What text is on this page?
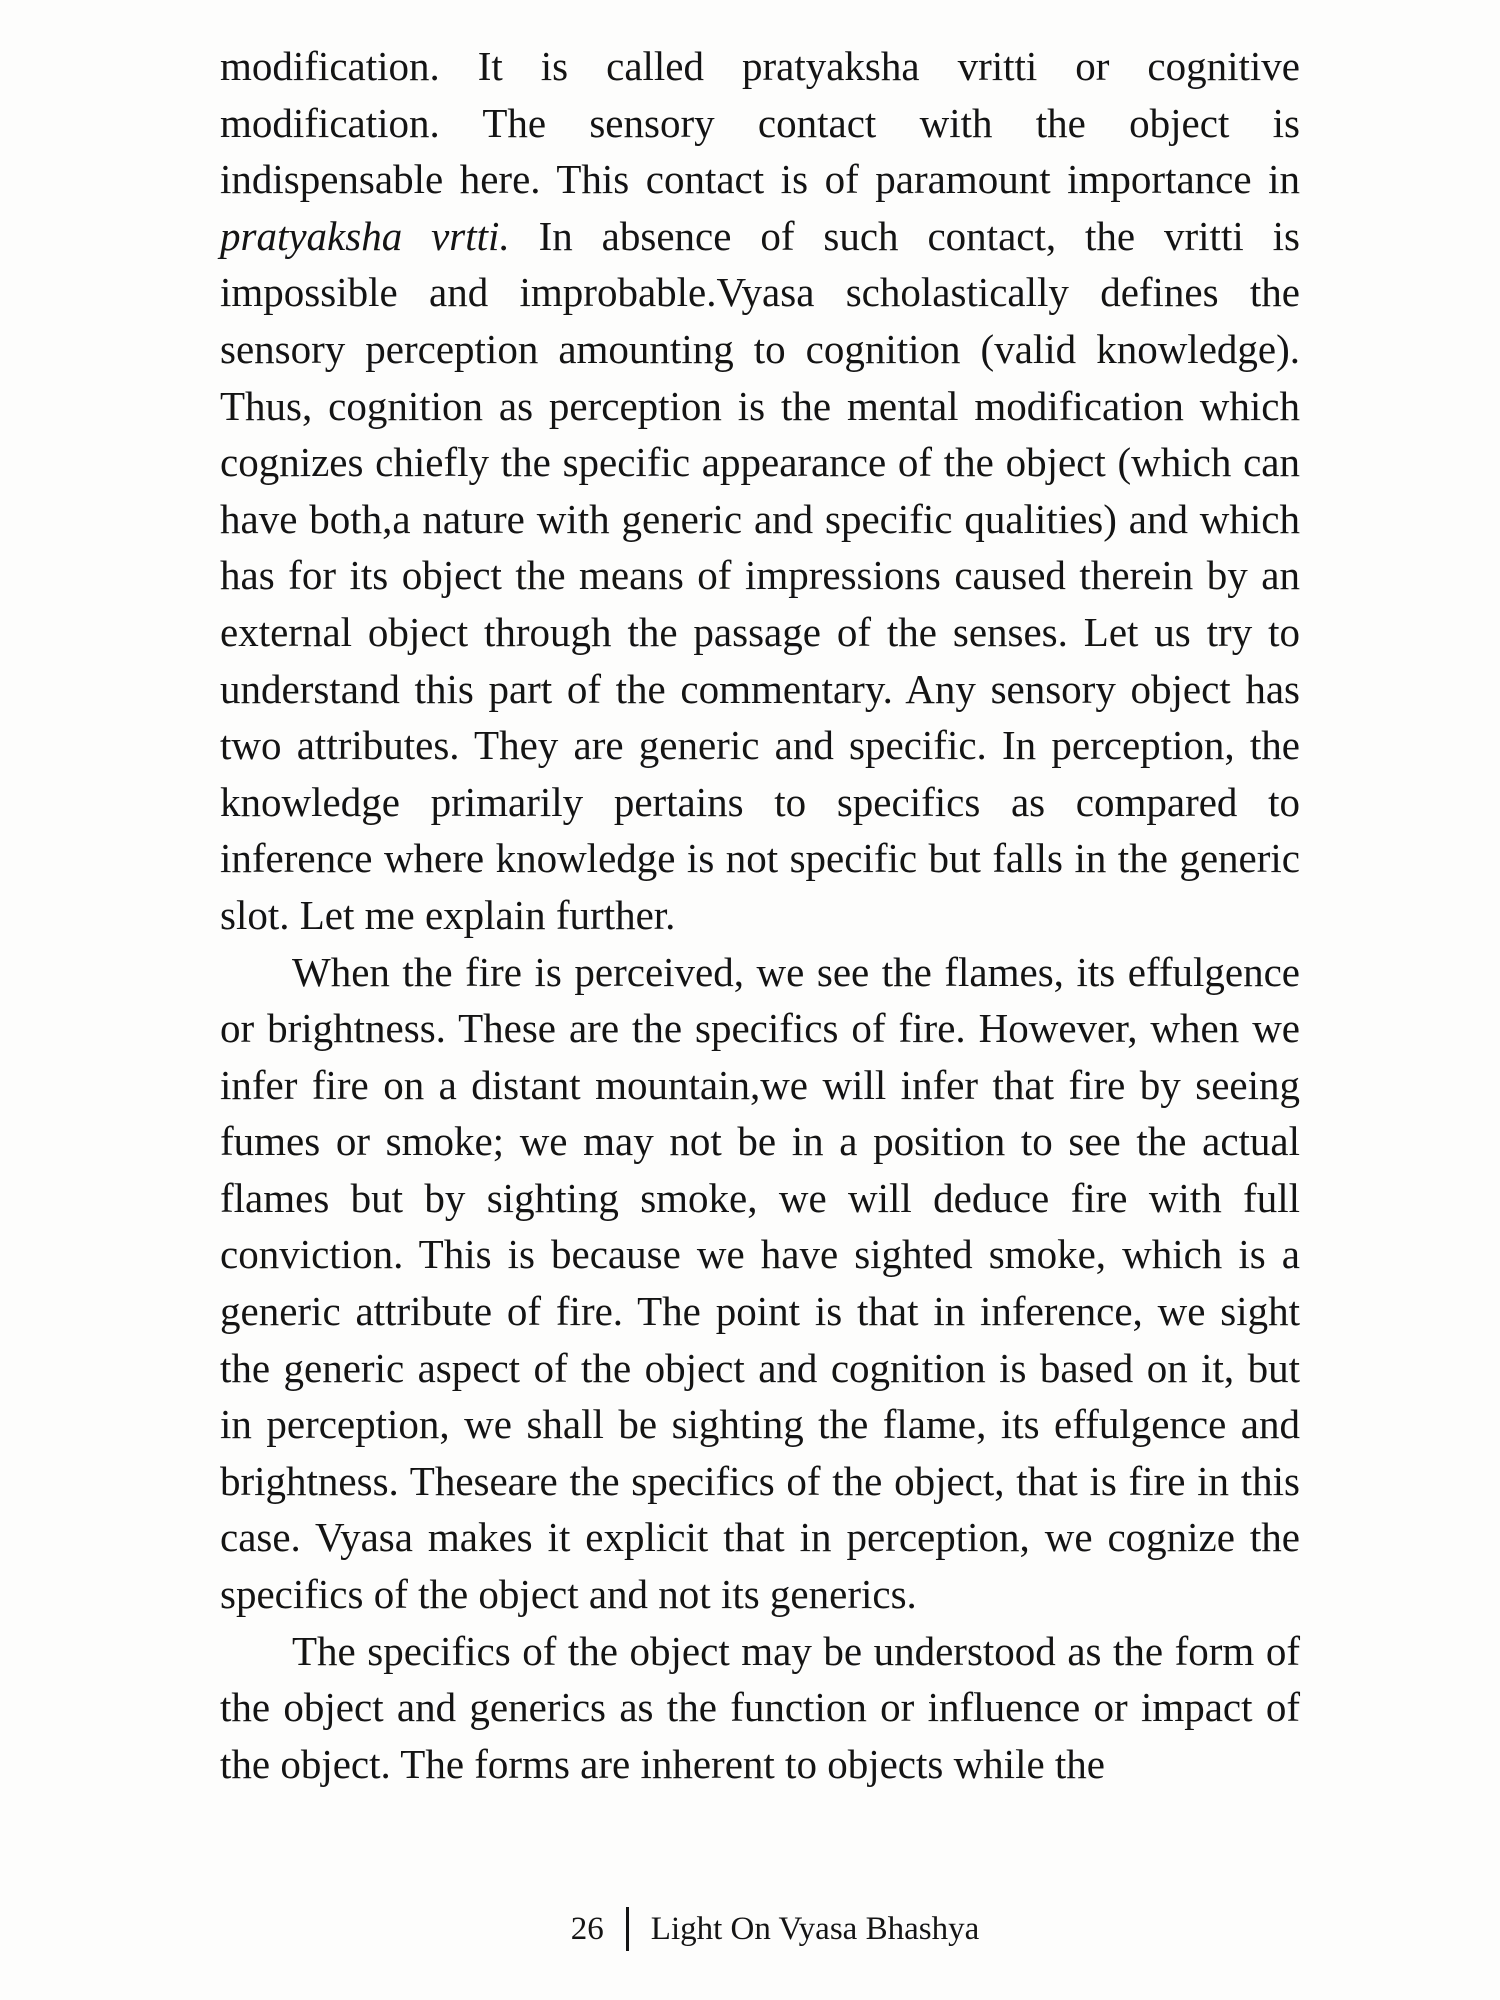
modification. It is called pratyaksha vritti or cognitive modification. The sensory contact with the object is indispensable here. This contact is of paramount importance in pratyaksha vrtti. In absence of such contact, the vritti is impossible and improbable.Vyasa scholastically defines the sensory perception amounting to cognition (valid knowledge). Thus, cognition as perception is the mental modification which cognizes chiefly the specific appearance of the object (which can have both,a nature with generic and specific qualities) and which has for its object the means of impressions caused therein by an external object through the passage of the senses. Let us try to understand this part of the commentary. Any sensory object has two attributes. They are generic and specific. In perception, the knowledge primarily pertains to specifics as compared to inference where knowledge is not specific but falls in the generic slot. Let me explain further.

When the fire is perceived, we see the flames, its effulgence or brightness. These are the specifics of fire. However, when we infer fire on a distant mountain,we will infer that fire by seeing fumes or smoke; we may not be in a position to see the actual flames but by sighting smoke, we will deduce fire with full conviction. This is because we have sighted smoke, which is a generic attribute of fire. The point is that in inference, we sight the generic aspect of the object and cognition is based on it, but in perception, we shall be sighting the flame, its effulgence and brightness. Theseare the specifics of the object, that is fire in this case. Vyasa makes it explicit that in perception, we cognize the specifics of the object and not its generics.

The specifics of the object may be understood as the form of the object and generics as the function or influence or impact of the object. The forms are inherent to objects while the

26 Light On Vyasa Bhashya
